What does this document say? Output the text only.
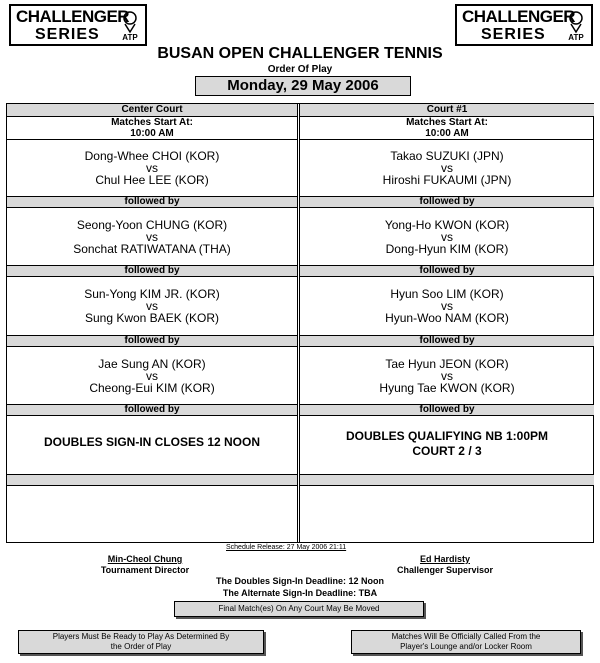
CHALLENGER
SERIES	ATP
CHALLENGER
SERIES	ATP
BUSAN OPEN CHALLENGER TENNIS
Order Of Play
Monday, 29 May 2006
Center Court
Matches Start At:
10:00 AM
Dong-Whee CHOI (KOR)
vs
Chul Hee LEE (KOR)
followed by
Seong-Yoon CHUNG (KOR)
vs
Sonchat RATIWATANA (THA)
followed by
Sun-Yong KIM JR. (KOR)
vs
Sung Kwon BAEK (KOR)
followed by
Jae Sung AN (KOR)
vs
Cheong-Eui KIM (KOR)
followed by
DOUBLES SIGN-IN CLOSES 12 NOON
Court #1
Matches Start At:
10:00 AM
Takao SUZUKI (JPN)
vs
Hiroshi FUKAUMI (JPN)
followed by
Yong-Ho KWON (KOR)
vs
Dong-Hyun KIM (KOR)
followed by
Hyun Soo LIM (KOR)
vs
Hyun-Woo NAM (KOR)
followed by
Tae Hyun JEON (KOR)
vs
Hyung Tae KWON (KOR)
followed by
DOUBLES QUALIFYING NB 1:00PM
COURT 2 / 3
Schedule Release: 27 May 2006 21:11
Min-Cheol Chung
Tournament Director
Ed Hardisty
Challenger Supervisor
The Doubles Sign-In Deadline: 12 Noon
The Alternate Sign-In Deadline: TBA
Final Match(es) On Any Court May Be Moved
Players Must Be Ready to Play As Determined By
the Order of Play
Matches Will Be Officially Called From the
Player's Lounge and/or Locker Room
